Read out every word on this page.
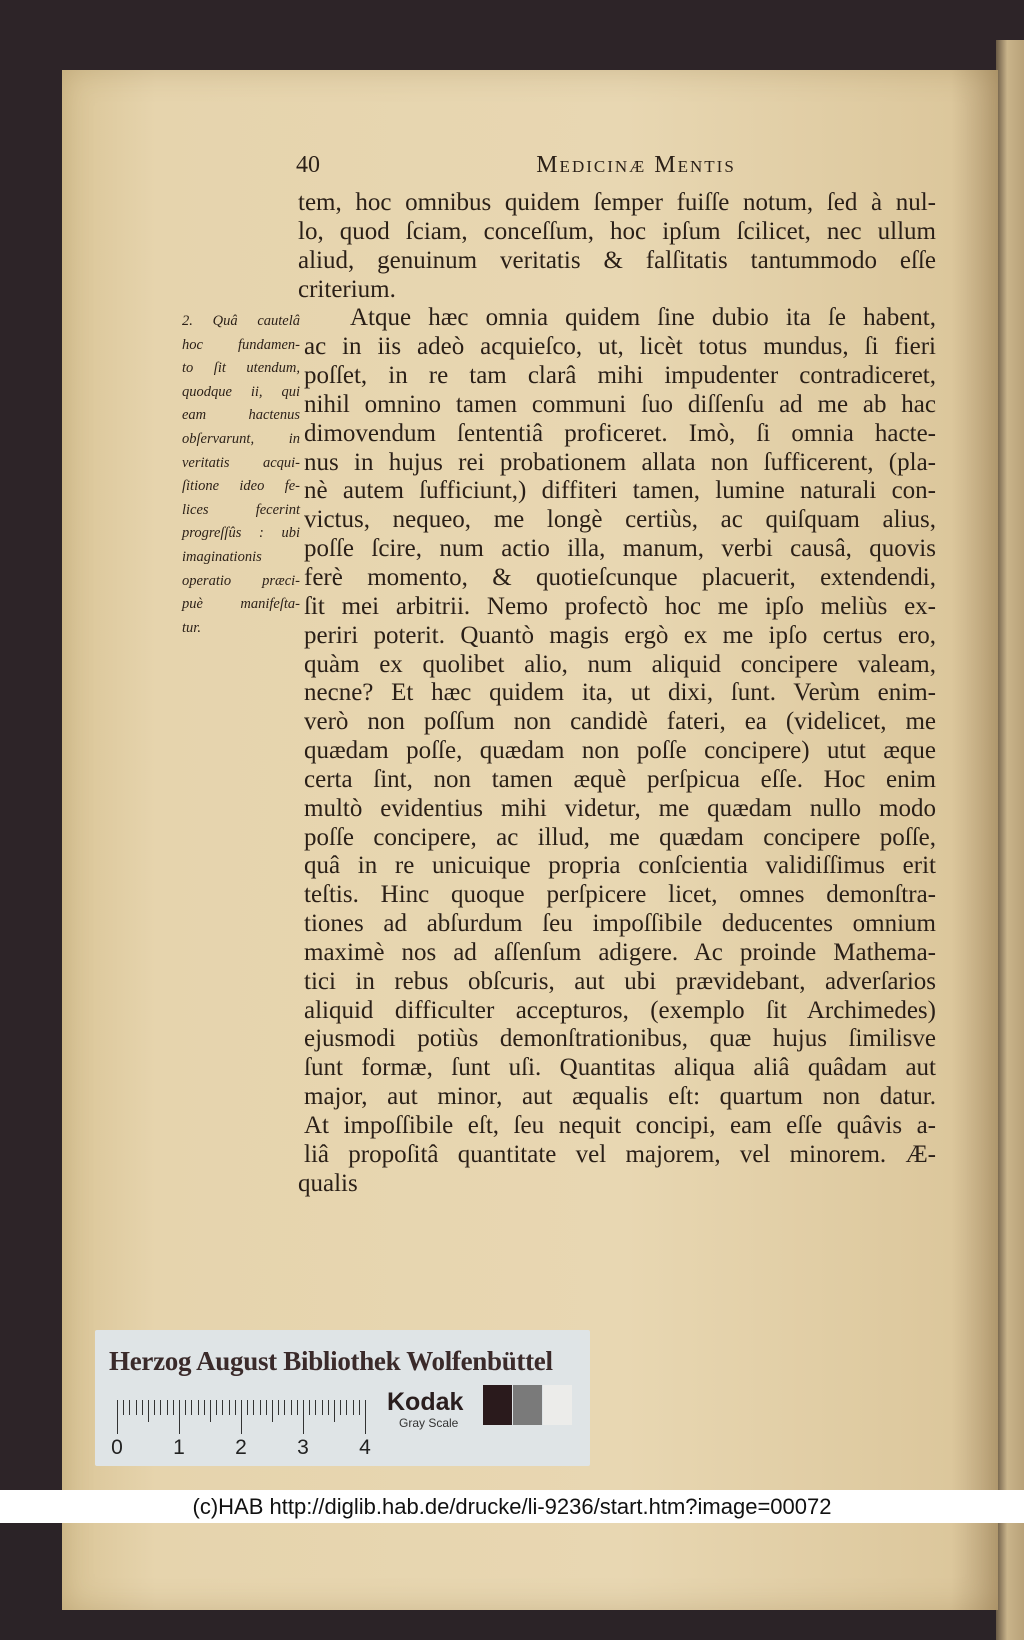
40	Medicinæ Mentis
tem, hoc omnibus quidem ſemper fuiſſe notum, ſed à nul-
lo, quod ſciam, conceſſum, hoc ipſum ſcilicet, nec ullum
aliud, genuinum veritatis & falſitatis tantummodo eſſe
criterium.
Atque hæc omnia quidem ſine dubio ita ſe habent,
ac in iis adeò acquieſco, ut, licèt totus mundus, ſi fieri
poſſet, in re tam clarâ mihi impudenter contradiceret,
nihil omnino tamen communi ſuo diſſenſu ad me ab hac
dimovendum ſententiâ proficeret. Imò, ſi omnia hacte-
nus in hujus rei probationem allata non ſufficerent, (pla-
nè autem ſufficiunt,) diffiteri tamen, lumine naturali con-
victus, nequeo, me longè certiùs, ac quiſquam alius,
poſſe ſcire, num actio illa, manum, verbi causâ, quovis
ferè momento, & quotieſcunque placuerit, extendendi,
ſit mei arbitrii. Nemo profectò hoc me ipſo meliùs ex-
periri poterit. Quantò magis ergò ex me ipſo certus ero,
quàm ex quolibet alio, num aliquid concipere valeam,
necne? Et hæc quidem ita, ut dixi, ſunt. Verùm enim-
verò non poſſum non candidè fateri, ea (videlicet, me
quædam poſſe, quædam non poſſe concipere) utut æque
certa ſint, non tamen æquè perſpicua eſſe. Hoc enim
multò evidentius mihi videtur, me quædam nullo modo
poſſe concipere, ac illud, me quædam concipere poſſe,
quâ in re unicuique propria conſcientia validiſſimus erit
teſtis. Hinc quoque perſpicere licet, omnes demonſtra-
tiones ad abſurdum ſeu impoſſibile deducentes omnium
maximè nos ad aſſenſum adigere. Ac proinde Mathema-
tici in rebus obſcuris, aut ubi prævidebant, adverſarios
aliquid difficulter accepturos, (exemplo ſit Archimedes)
ejusmodi potiùs demonſtrationibus, quæ hujus ſimilisve
ſunt formæ, ſunt uſi. Quantitas aliqua aliâ quâdam aut
major, aut minor, aut æqualis eſt: quartum non datur.
At impoſſibile eſt, ſeu nequit concipi, eam eſſe quâvis a-
liâ propoſitâ quantitate vel majorem, vel minorem. Æ-
qualis
2. Quâ cautelâ
hoc fundamen-
to ſit utendum,
quodque ii, qui
eam hactenus
obſervarunt, in
veritatis acqui-
ſitione ideo fe-
lices fecerint
progreſſûs : ubi
imaginationis
operatio præci-
puè manifeſta-
tur.
Herzog August Bibliothek Wolfenbüttel
0 1 2 3 4
Kodak
Gray Scale
(c)HAB http://diglib.hab.de/drucke/li-9236/start.htm?image=00072
